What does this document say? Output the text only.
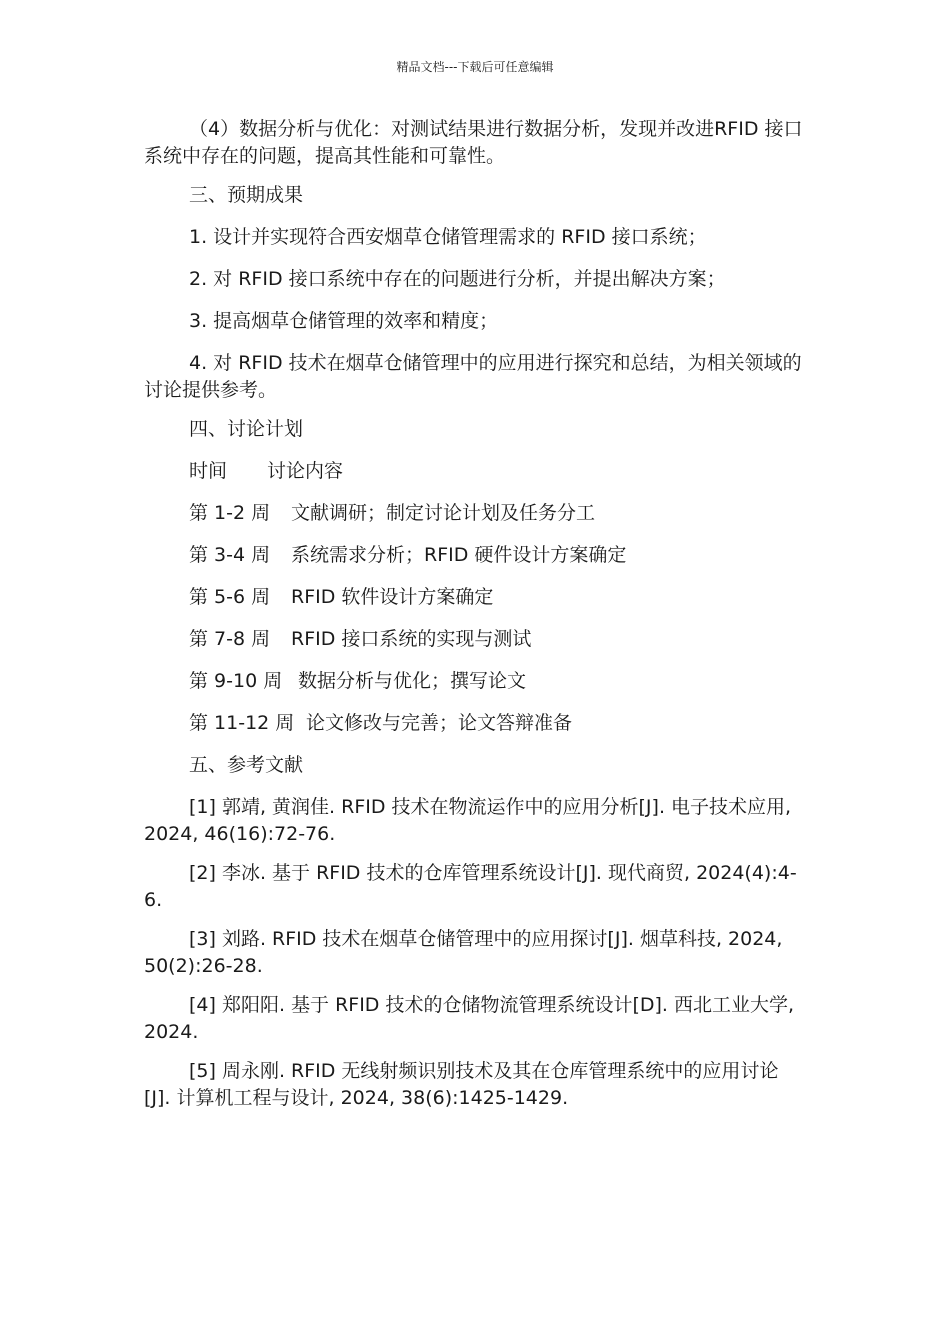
精品文档---下载后可任意编辑

（4）数据分析与优化：对测试结果进行数据分析，发现并改进RFID 接口系统中存在的问题，提高其性能和可靠性。

三、预期成果

1. 设计并实现符合西安烟草仓储管理需求的 RFID 接口系统；

2. 对 RFID 接口系统中存在的问题进行分析，并提出解决方案；

3. 提高烟草仓储管理的效率和精度；

4. 对 RFID 技术在烟草仓储管理中的应用进行探究和总结，为相关领域的讨论提供参考。

四、讨论计划

时间 讨论内容
第 1-2 周 文献调研；制定讨论计划及任务分工
第 3-4 周 系统需求分析；RFID 硬件设计方案确定
第 5-6 周 RFID 软件设计方案确定
第 7-8 周 RFID 接口系统的实现与测试
第 9-10 周 数据分析与优化；撰写论文
第 11-12 周 论文修改与完善；论文答辩准备

五、参考文献

[1] 郭靖, 黄润佳. RFID 技术在物流运作中的应用分析[J]. 电子技术应用, 2024, 46(16):72-76.

[2] 李冰. 基于 RFID 技术的仓库管理系统设计[J]. 现代商贸, 2024(4):4-6.

[3] 刘路. RFID 技术在烟草仓储管理中的应用探讨[J]. 烟草科技, 2024, 50(2):26-28.

[4] 郑阳阳. 基于 RFID 技术的仓储物流管理系统设计[D]. 西北工业大学, 2024.

[5] 周永刚. RFID 无线射频识别技术及其在仓库管理系统中的应用讨论[J]. 计算机工程与设计, 2024, 38(6):1425-1429.
